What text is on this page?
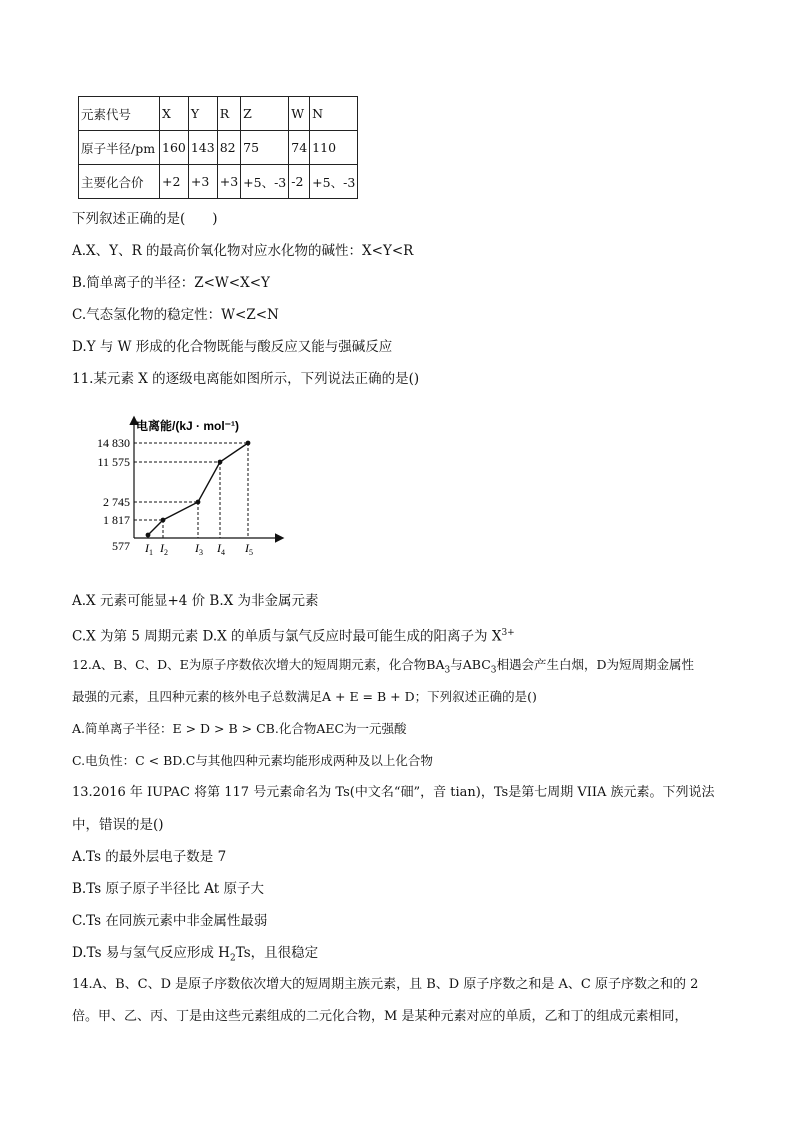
元素代号	X	Y	R	Z	W	N
原子半径/pm	160	143	82	75	74	110
主要化合价	+2	+3	+3	+5、-3	-2	+5、-3
下列叙述正确的是(　　)
A.X、Y、R 的最高价氧化物对应水化物的碱性：X<Y<R
B.简单离子的半径：Z<W<X<Y
C.气态氢化物的稳定性：W<Z<N
D.Y 与 W 形成的化合物既能与酸反应又能与强碱反应
11.某元素 X 的逐级电离能如图所示，下列说法正确的是()
电离能/(kJ · mol⁻¹)
577
1 817
2 745
11 575
14 830
$I_1$ $I_2$ $I_3$ $I_4$ $I_5$
A.X 元素可能显+4 价 B.X 为非金属元素
C.X 为第 5 周期元素 D.X 的单质与氯气反应时最可能生成的阳离子为 $X^{3+}$
12.A、B、C、D、E为原子序数依次增大的短周期元素，化合物$BA_3$与$ABC_3$相遇会产生白烟，D为短周期金属性
最强的元素，且四种元素的核外电子总数满足A + E = B + D；下列叙述正确的是()
A.简单离子半径：E > D > B > CB.化合物AEC为一元强酸
C.电负性：C < BD.C与其他四种元素均能形成两种及以上化合物
13.2016 年 IUPAC 将第 117 号元素命名为 Ts(中文名“鿬”，音 tian)，Ts是第七周期 VIIA 族元素。下列说法
中，错误的是()
A.Ts 的最外层电子数是 7
B.Ts 原子原子半径比 At 原子大
C.Ts 在同族元素中非金属性最弱
D.Ts 易与氢气反应形成 $H_2Ts$，且很稳定
14.A、B、C、D 是原子序数依次增大的短周期主族元素，且 B、D 原子序数之和是 A、C 原子序数之和的 2
倍。甲、乙、丙、丁是由这些元素组成的二元化合物，M 是某种元素对应的单质，乙和丁的组成元素相同，
